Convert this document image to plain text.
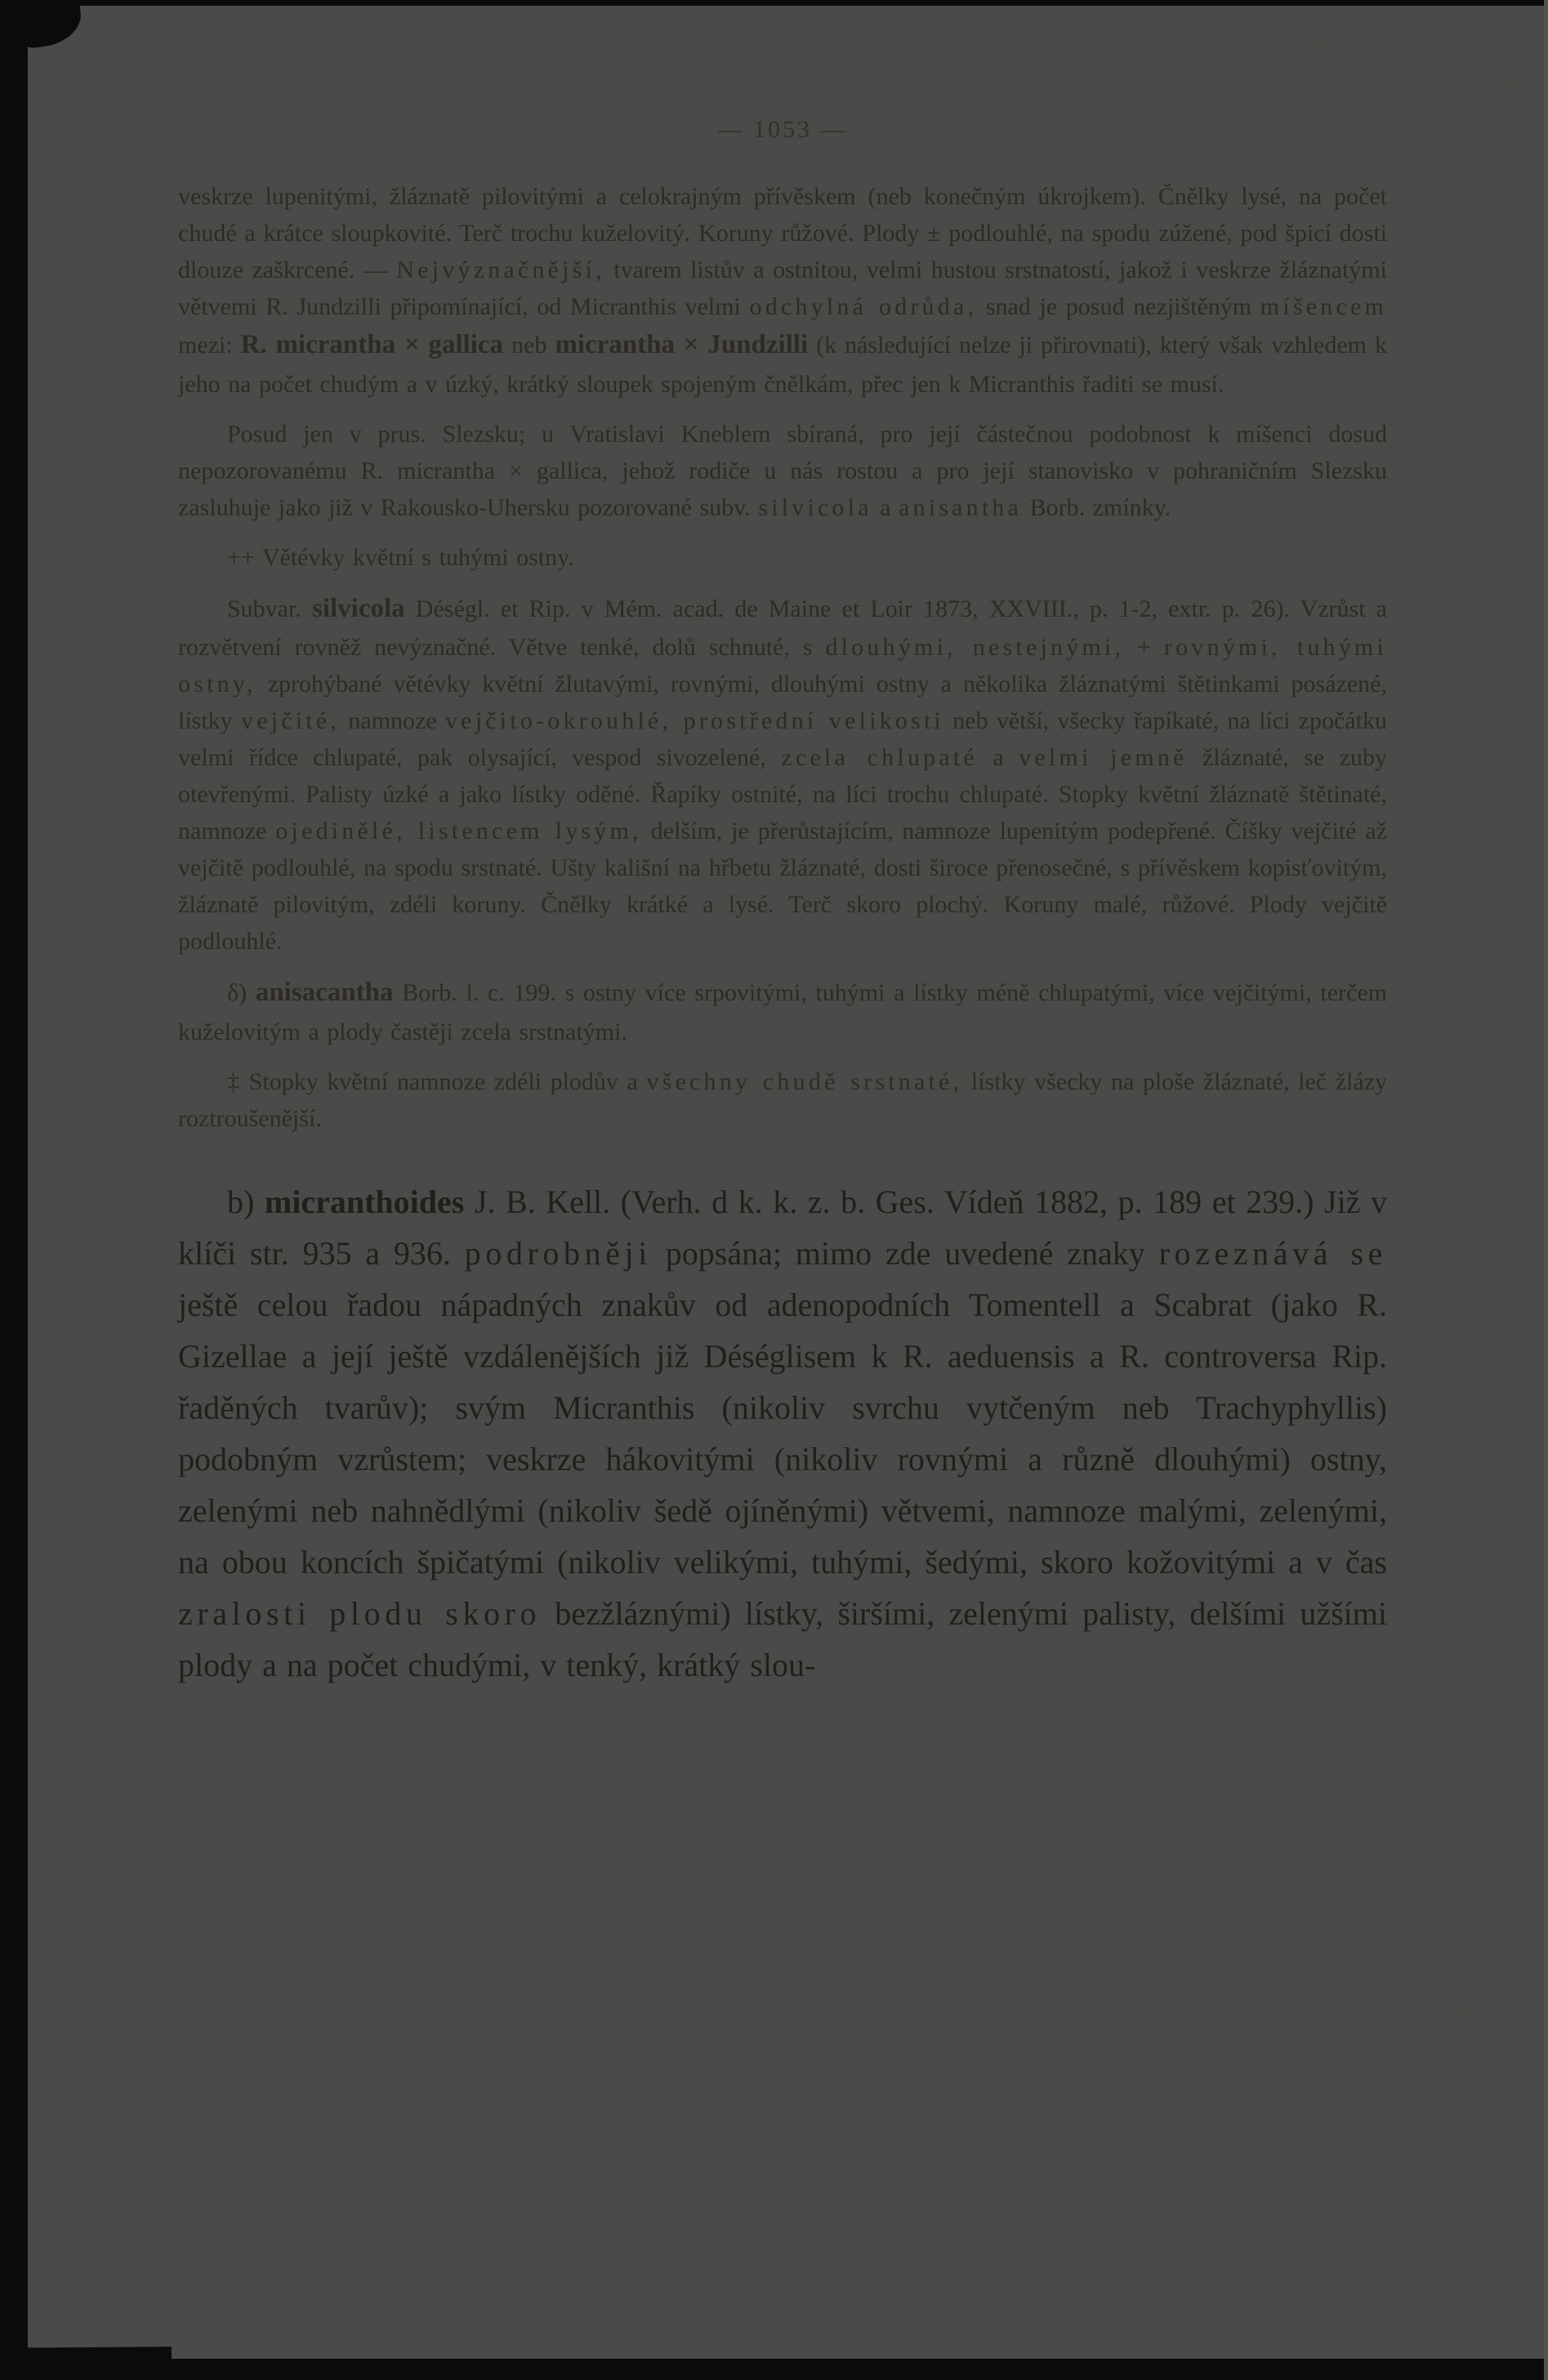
— 1053 —

veskrze lupenitými, žláznatě pilovitými a celokrajným přívěskem (neb konečným úkrojkem). Čnělky lysé, na počet chudé a krátce sloupkovité. Terč trochu kuželovitý. Koruny růžové. Plody ± podlouhlé, na spodu zúžené, pod špicí dosti dlouze zaškrcené. — Nejvýznačnější, tvarem listův a ostnitou, velmi hustou srstnatostí, jakož i veskrze žláznatými větvemi R. Jundzilli připomínající, od Micranthis velmi odchylná odrůda, snad je posud nezjištěným míšencem mezi: R. micrantha × gallica neb micrantha × Jundzilli (k následující nelze ji přirovnati), který však vzhledem k jeho na počet chudým a v úzký, krátký sloupek spojeným čnělkám, přec jen k Micranthis řaditi se musí.

Posud jen v prus. Slezsku; u Vratislavi Kneblem sbíraná, pro její částečnou podobnost k míšenci dosud nepozorovanému R. micrantha × gallica, jehož rodiče u nás rostou a pro její stanovisko v pohraničním Slezsku zasluhuje jako již v Rakousko-Uhersku pozorované subv. silvicola a anisantha Borb. zmínky.

++ Větévky květní s tuhými ostny.

Subvar. silvicola Déségl. et Rip. v Mém. acad. de Maine et Loir 1873, XXVIII., p. 1-2, extr. p. 26). Vzrůst a rozvětvení rovněž nevýznačné. Větve tenké, dolů schnuté, s dlouhými, nestejnými, + rovnými, tuhými ostny, zprohýbané větévky květní žlutavými, rovnými, dlouhými ostny a několika žláznatými štětinkami posázené, lístky vejčité, namnoze vejčito-okrouhlé, prostřední velikosti neb větší, všecky řapíkaté, na líci zpočátku velmi řídce chlupaté, pak olysající, vespod sivozelené, zcela chlupaté a velmi jemně žláznaté, se zuby otevřenými. Palisty úzké a jako lístky oděné. Řapíky ostnité, na líci trochu chlupaté. Stopky květní žláznatě štětinaté, namnoze ojedinělé, listencem lysým, delším, je přerůstajícím, namnoze lupenitým podepřené. Číšky vejčité až vejčitě podlouhlé, na spodu srstnaté. Ušty kališní na hřbetu žláznaté, dosti široce přenosečné, s přívěskem kopisťovitým, žláznatě pilovitým, zdéli koruny. Čnělky krátké a lysé. Terč skoro plochý. Koruny malé, růžové. Plody vejčitě podlouhlé.

δ) anisacantha Borb. l. c. 199. s ostny více srpovitými, tuhými a lístky méně chlupatými, více vejčitými, terčem kuželovitým a plody častěji zcela srstnatými.

‡ Stopky květní namnoze zdéli plodův a všechny chudě srstnaté, lístky všecky na ploše žláznaté, leč žlázy roztroušenější.

b) micranthoides J. B. Kell. (Verh. d k. k. z. b. Ges. Vídeň 1882, p. 189 et 239.) Již v klíči str. 935 a 936. podrobněji popsána; mimo zde uvedené znaky rozeznává se ještě celou řadou nápadných znakův od adenopodních Tomentell a Scabrat (jako R. Gizellae a její ještě vzdálenějších již Déséglisem k R. aeduensis a R. controversa Rip. řaděných tvarův); svým Micranthis (nikoliv svrchu vytčeným neb Trachyphyllis) podobným vzrůstem; veskrze hákovitými (nikoliv rovnými a různě dlouhými) ostny, zelenými neb nahnědlými (nikoliv šedě ojíněnými) větvemi, namnoze malými, zelenými, na obou koncích špičatými (nikoliv velikými, tuhými, šedými, skoro kožovitými a v čas zralosti plodu skoro bezžláznými) lístky, širšími, zelenými palisty, delšími užšími plody a na počet chudými, v tenký, krátký slou-
